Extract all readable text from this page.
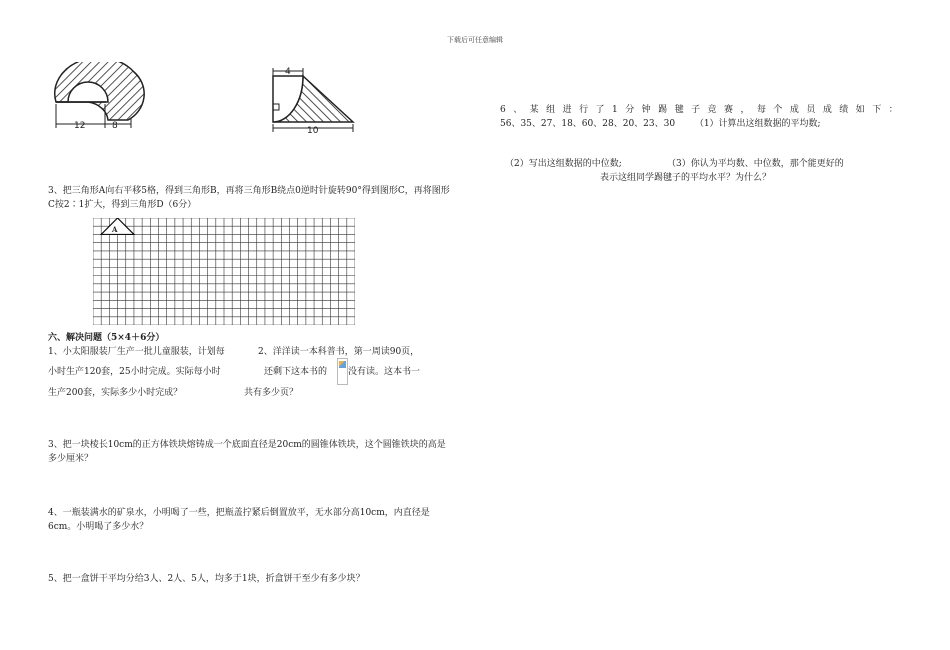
下载后可任意编辑
12	8
4
10
3、把三角形A向右平移5格，得到三角形B，再将三角形B绕点0逆时针旋转90°得到图形C，再将图形C按2∶1扩大，得到三角形D（6分）
A
六、解决问题（5×4＋6分）
1、小太阳服装厂生产一批儿童服装，计划每	2、洋洋读一本科普书，第一周读90页，
小时生产120套，25小时完成。实际每小时	还剩下这本书的 没有读。这本书一
生产200套，实际多少小时完成？	共有多少页？
3、把一块棱长10cm的正方体铁块熔铸成一个底面直径是20cm的圆锥体铁块，这个圆锥铁块的高是多少厘米？
4、一瓶装满水的矿泉水，小明喝了一些，把瓶盖拧紧后倒置放平，无水部分高10cm，内直径是6cm。小明喝了多少水？
5、把一盒饼干平均分给3人、2人、5人，均多于1块，折盒饼干至少有多少块？
6 、 某 组 进 行 了 1 分 钟 踢 毽 子 竞 赛 ， 每 个 成 员 成 绩 如 下 ：
56、35、27、18、60、28、20、23、30 （1）计算出这组数据的平均数;
（2）写出这组数据的中位数;	（3）你认为平均数、中位数，那个能更好的
表示这组同学踢毽子的平均水平？为什么？
